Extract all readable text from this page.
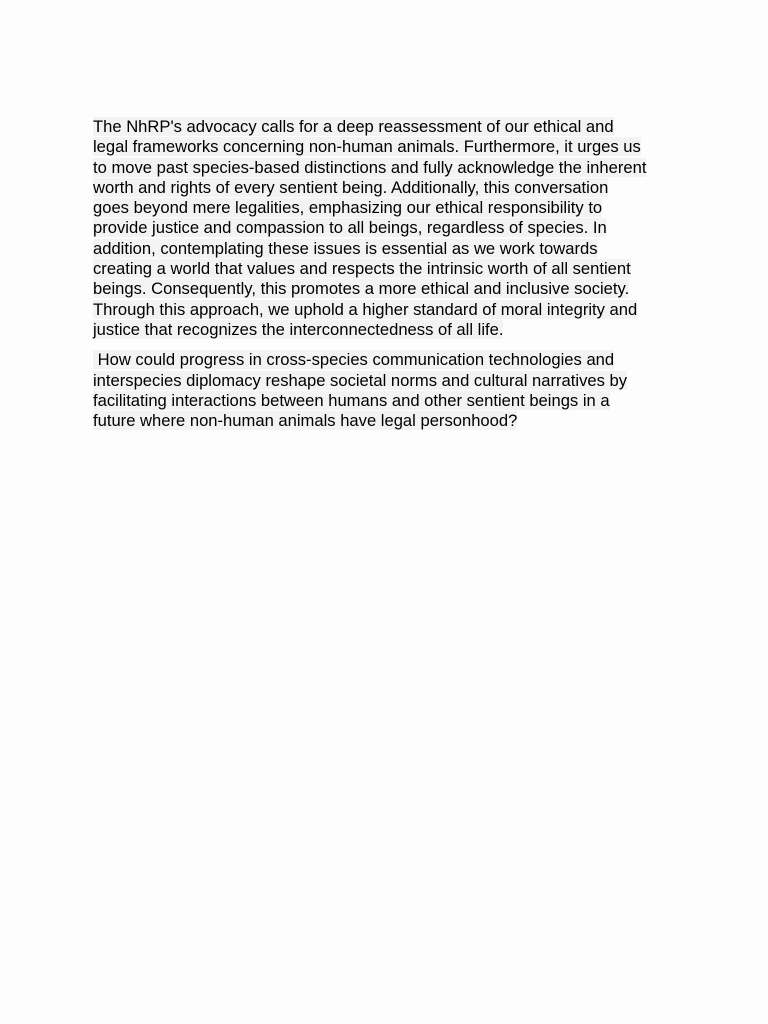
The NhRP's advocacy calls for a deep reassessment of our ethical and
legal frameworks concerning non-human animals. Furthermore, it urges us
to move past species-based distinctions and fully acknowledge the inherent
worth and rights of every sentient being. Additionally, this conversation
goes beyond mere legalities, emphasizing our ethical responsibility to
provide justice and compassion to all beings, regardless of species. In
addition, contemplating these issues is essential as we work towards
creating a world that values and respects the intrinsic worth of all sentient
beings. Consequently, this promotes a more ethical and inclusive society.
Through this approach, we uphold a higher standard of moral integrity and
justice that recognizes the interconnectedness of all life.

How could progress in cross-species communication technologies and
interspecies diplomacy reshape societal norms and cultural narratives by
facilitating interactions between humans and other sentient beings in a
future where non-human animals have legal personhood?
